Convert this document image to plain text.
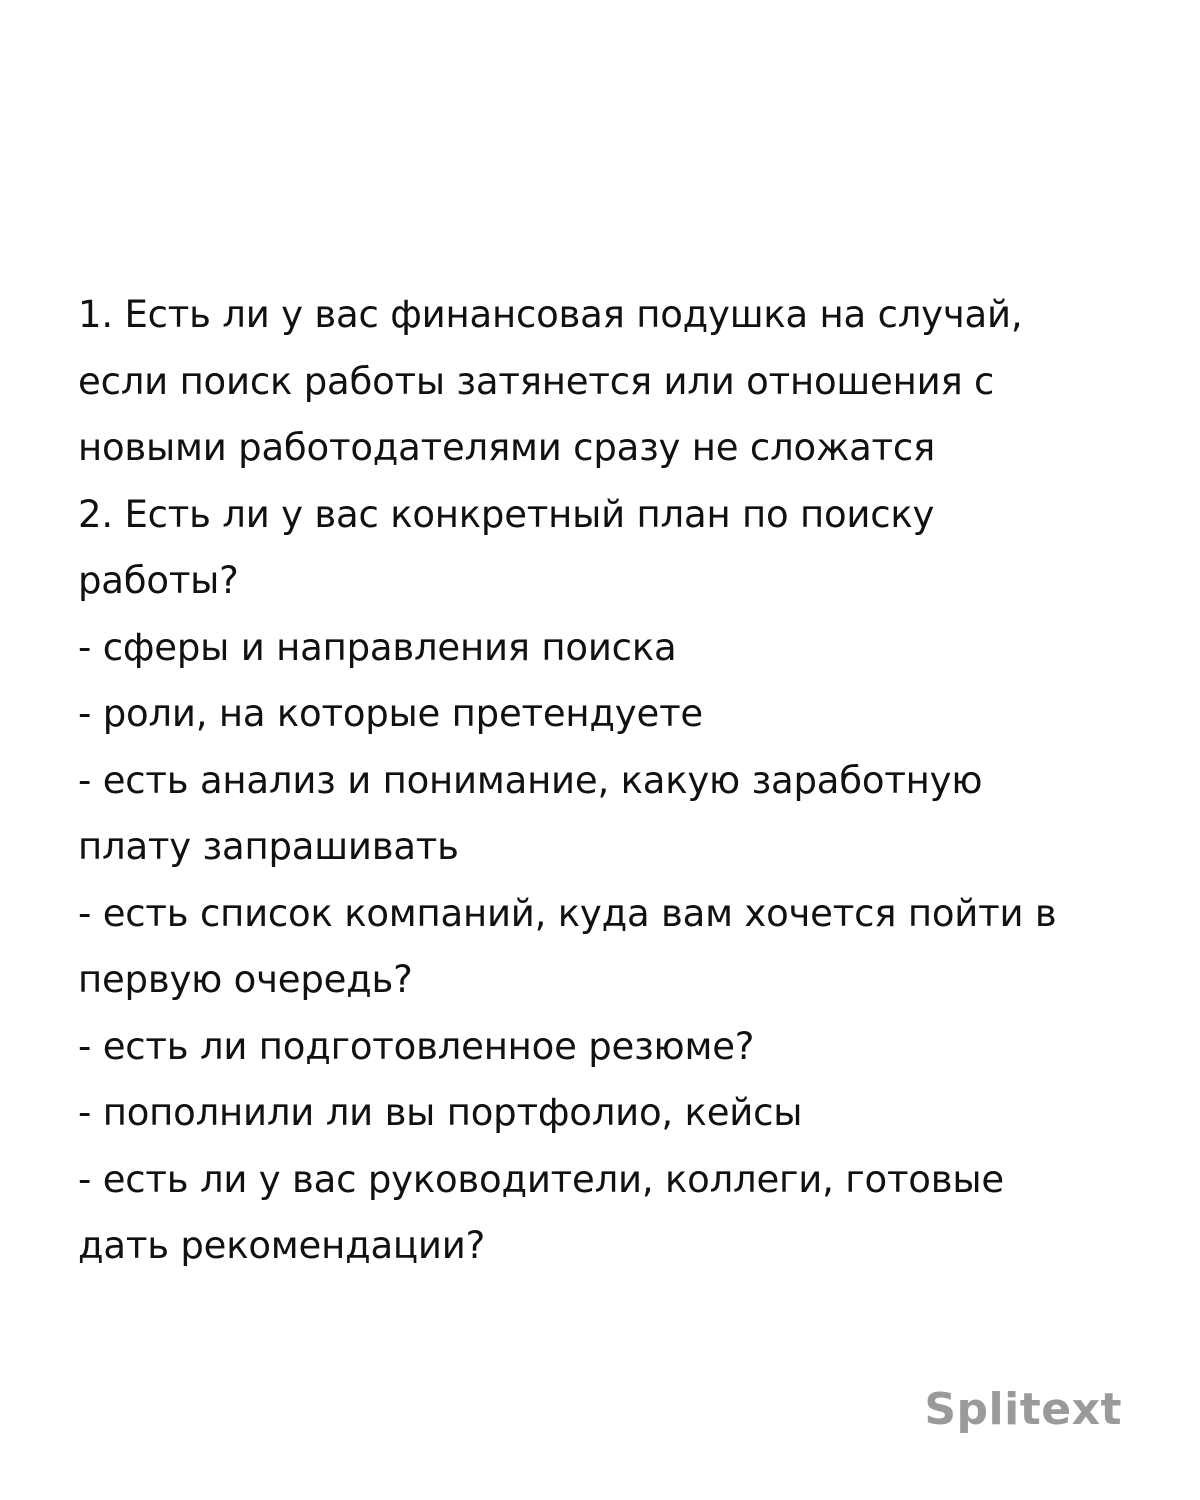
1. Есть ли у вас финансовая подушка на случай,
если поиск работы затянется или отношения с
новыми работодателями сразу не сложатся
2. Есть ли у вас конкретный план по поиску
работы?
- сферы и направления поиска
- роли, на которые претендуете
- есть анализ и понимание, какую заработную
плату запрашивать
- есть список компаний, куда вам хочется пойти в
первую очередь?
- есть ли подготовленное резюме?
- пополнили ли вы портфолио, кейсы
- есть ли у вас руководители, коллеги, готовые
дать рекомендации?
Splitext
